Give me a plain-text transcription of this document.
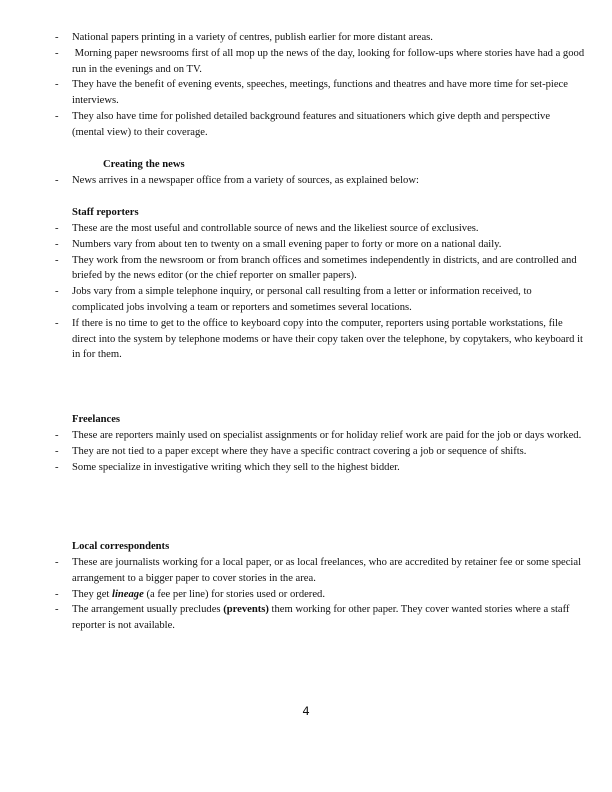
- National papers printing in a variety of centres, publish earlier for more distant areas.
- Morning paper newsrooms first of all mop up the news of the day, looking for follow-ups where stories have had a good run in the evenings and on TV.
- They have the benefit of evening events, speeches, meetings, functions and theatres and have more time for set-piece interviews.
- They also have time for polished detailed background features and situationers which give depth and perspective (mental view) to their coverage.
Creating the news
- News arrives in a newspaper office from a variety of sources, as explained below:
Staff reporters
- These are the most useful and controllable source of news and the likeliest source of exclusives.
- Numbers vary from about ten to twenty on a small evening paper to forty or more on a national daily.
- They work from the newsroom or from branch offices and sometimes independently in districts, and are controlled and briefed by the news editor (or the chief reporter on smaller papers).
- Jobs vary from a simple telephone inquiry, or personal call resulting from a letter or information received, to complicated jobs involving a team or reporters and sometimes several locations.
- If there is no time to get to the office to keyboard copy into the computer, reporters using portable workstations, file direct into the system by telephone modems or have their copy taken over the telephone, by copytakers, who keyboard it in for them.
Freelances
- These are reporters mainly used on specialist assignments or for holiday relief work are paid for the job or days worked.
- They are not tied to a paper except where they have a specific contract covering a job or sequence of shifts.
- Some specialize in investigative writing which they sell to the highest bidder.
Local correspondents
- These are journalists working for a local paper, or as local freelances, who are accredited by retainer fee or some special arrangement to a bigger paper to cover stories in the area.
- They get lineage (a fee per line) for stories used or ordered.
- The arrangement usually precludes (prevents) them working for other paper. They cover wanted stories where a staff reporter is not available.
4
